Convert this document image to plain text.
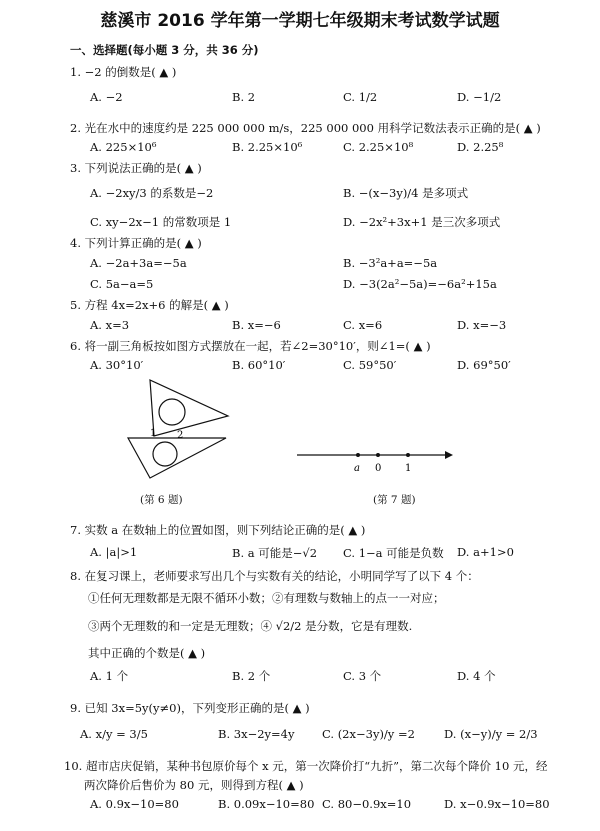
慈溪市 2016 学年第一学期七年级期末考试数学试题
一、选择题(每小题 3 分，共 36 分)
1. −2 的倒数是( ▲ )
A. −2	B. 2	C. 1/2	D. −1/2
2. 光在水中的速度约是 225 000 000 m/s，225 000 000 用科学记数法表示正确的是( ▲ )
A. 225×10⁶	B. 2.25×10⁶	C. 2.25×10⁸	D. 2.25⁸
3. 下列说法正确的是( ▲ )
A. −2xy/3 的系数是−2	B. −(x−3y)/4 是多项式
C. xy−2x−1 的常数项是 1	D. −2x²+3x+1 是三次多项式
4. 下列计算正确的是( ▲ )
A. −2a+3a=−5a	B. −3²a+a=−5a
C. 5a−a=5	D. −3(2a²−5a)=−6a²+15a
5. 方程 4x=2x+6 的解是( ▲ )
A. x=3	B. x=−6	C. x=6	D. x=−3
6. 将一副三角板按如图方式摆放在一起，若∠2=30°10′，则∠1=( ▲ )
A. 30°10′	B. 60°10′	C. 59°50′	D. 69°50′
1 2
(第 6 题)
a 0 1
(第 7 题)
7. 实数 a 在数轴上的位置如图，则下列结论正确的是( ▲ )
A. |a|>1	B. a 可能是−√2 C. 1−a 可能是负数 D. a+1>0
8. 在复习课上，老师要求写出几个与实数有关的结论，小明同学写了以下 4 个：
①任何无理数都是无限不循环小数；②有理数与数轴上的点一一对应；
③两个无理数的和一定是无理数；④ √2/2 是分数，它是有理数.
其中正确的个数是( ▲ )
A. 1 个	B. 2 个	C. 3 个	D. 4 个
9. 已知 3x=5y(y≠0)，下列变形正确的是( ▲ )
A. x/y = 3/5	B. 3x−2y=4y C. (2x−3y)/y =2	D. (x−y)/y = 2/3
10. 超市店庆促销，某种书包原价每个 x 元，第一次降价打“九折”，第二次每个降价 10 元，经
两次降价后售价为 80 元，则得到方程( ▲ )
A. 0.9x−10=80	B. 0.09x−10=80 C. 80−0.9x=10	D. x−0.9x−10=80
